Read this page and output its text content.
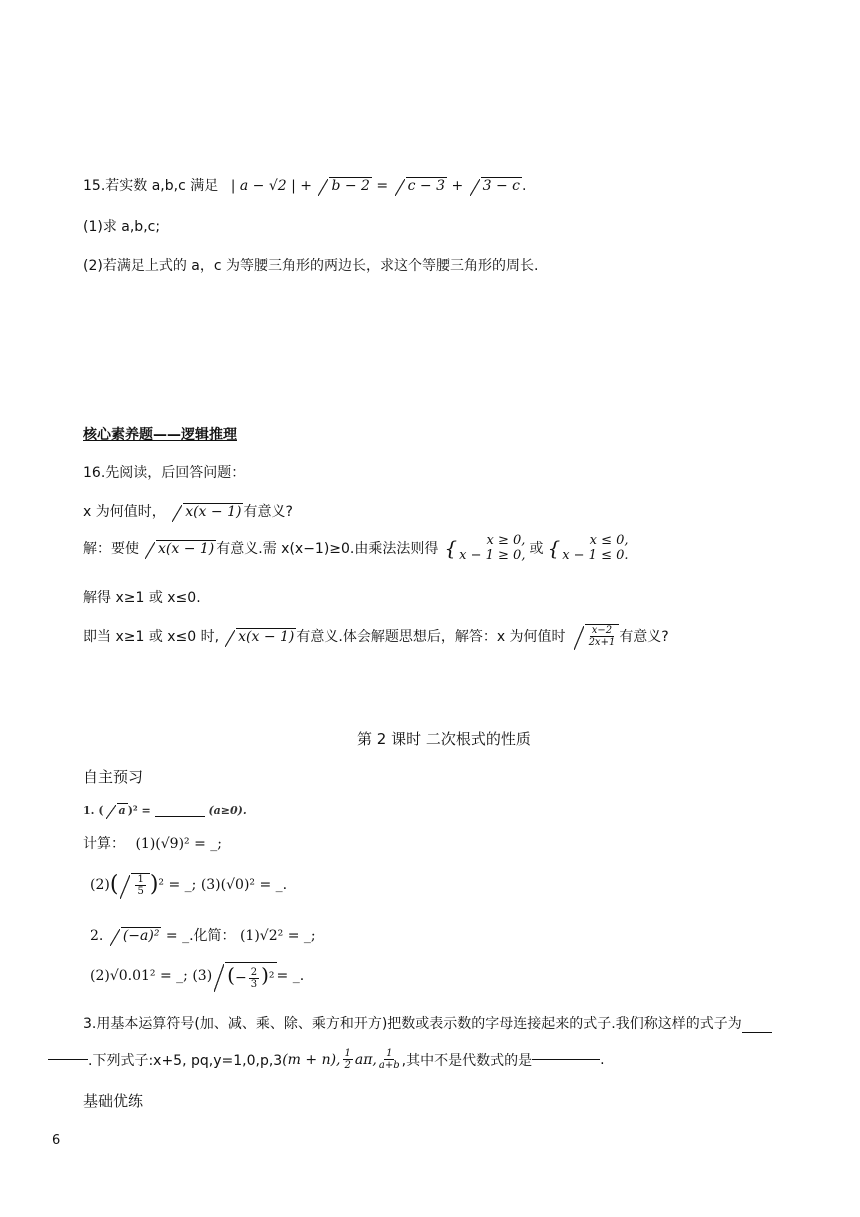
15.若实数 a,b,c 满足 | a − √2 | + b − 2 = c − 3 + 3 − c .
(1)求 a,b,c;
(2)若满足上式的 a，c 为等腰三角形的两边长，求这个等腰三角形的周长.
核心素养题——逻辑推理
16.先阅读，后回答问题：
x 为何值时， x(x − 1) 有意义?
解：要使	x(x − 1) 有意义.需 x(x−1)≥0.由乘法法则得 {	x ≥ 0,
x − 1 ≥ 0, 或 {	x ≤ 0,
x − 1 ≤ 0.
解得 x≥1 或 x≤0.
即当 x≥1 或 x≤0 时,	x(x − 1) 有意义.体会解题思想后，解答：x 为何值时 $\frac{x-2}{2x+1}$ 有意义?
第 2 课时 二次根式的性质
自主预习
1. ( a )² =	(a≥0).
计算： (1)(√9)² = _;
(2) ( $\frac{1}{5}$ ) ² = _; (3)(√0)² = _.
2. (−a)² = _.化简： (1)√2² = _;
(2)√0.01² = _; (3) (− $\frac{2}{3} )^2$ = _.
3.用基本运算符号(加、减、乘、除、乘方和开方)把数或表示数的字母连接起来的式子.我们称这样的式子为
.下列式子:x+5, pq,y=1,0,p,3 (m + n), $\frac{1}{2} a\pi$, $\frac{1}{a+b}$ ,其中不是代数式的是	.
基础优练
6
